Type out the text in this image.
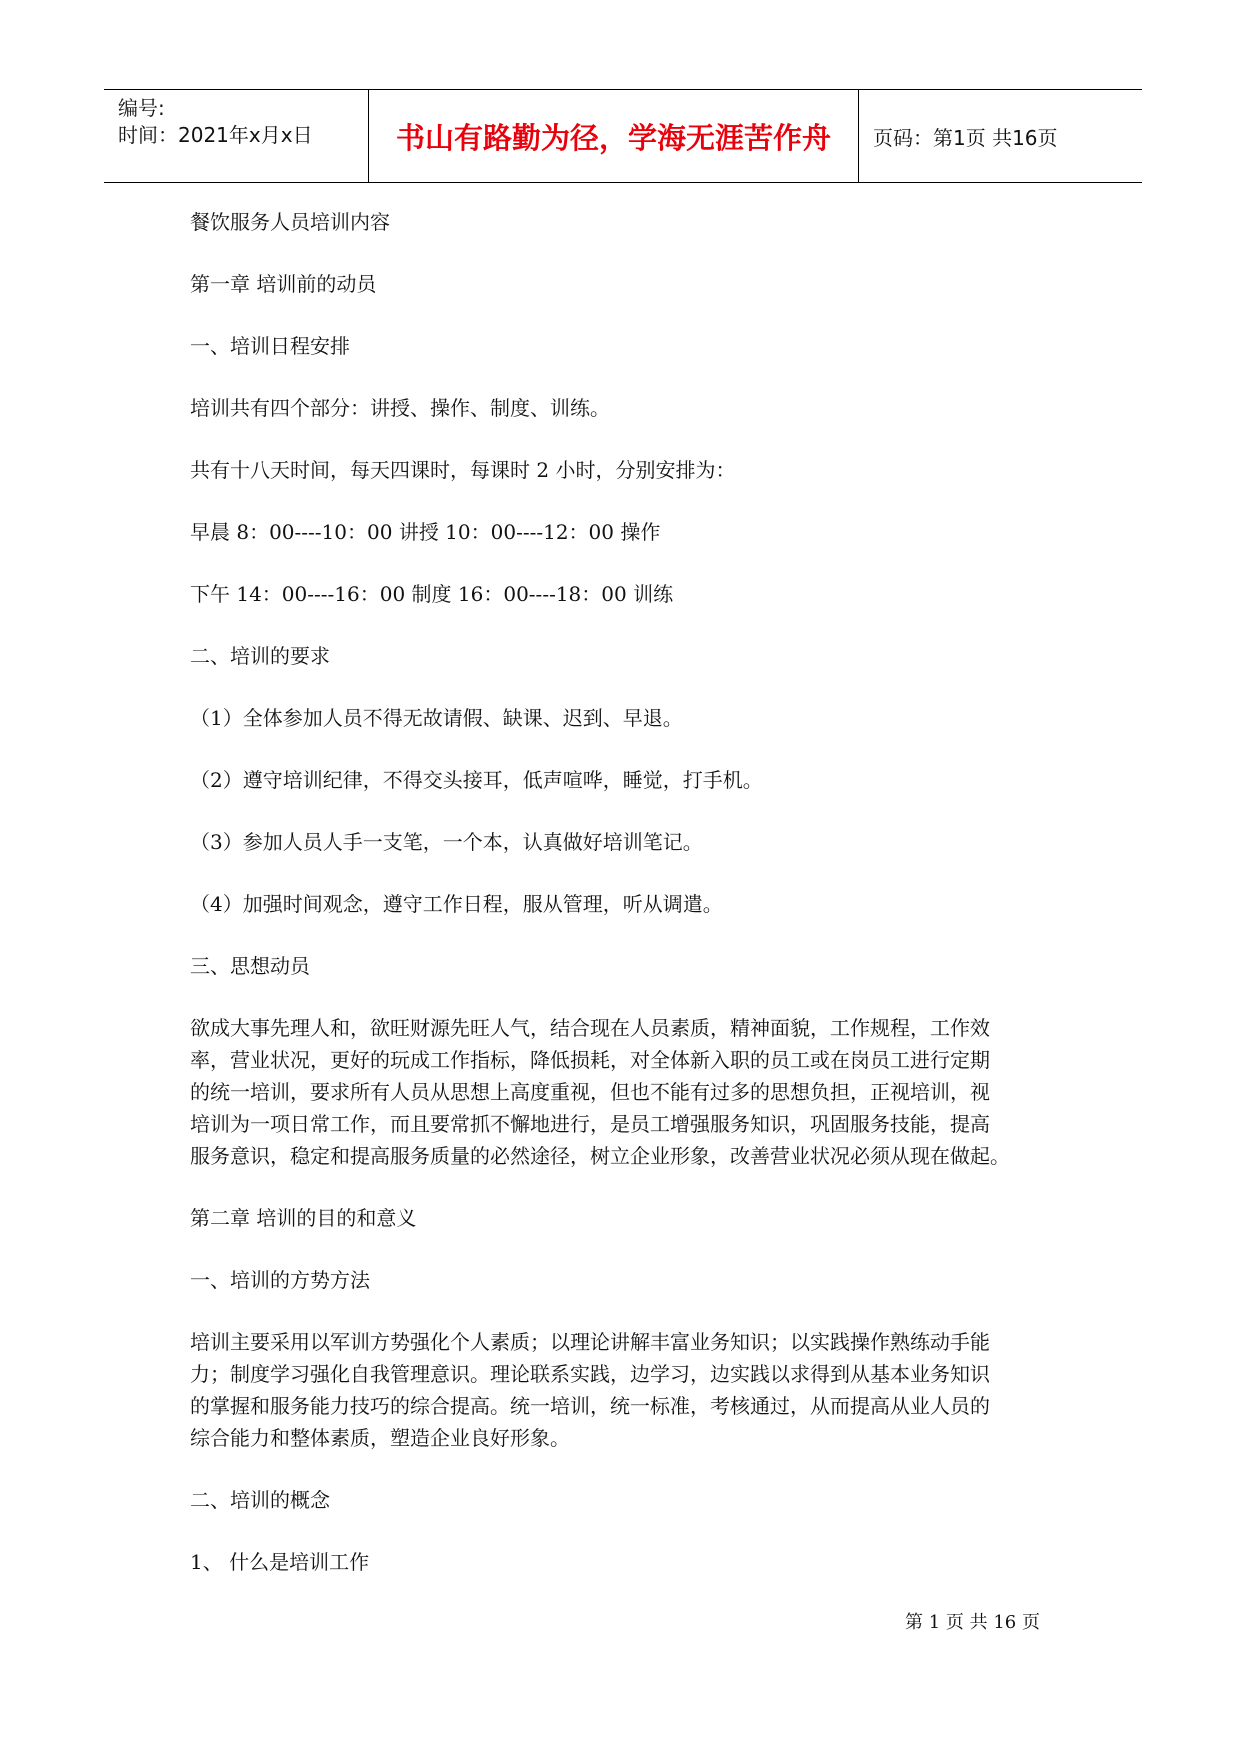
编号:
时间：2021年x月x日	书山有路勤为径，学海无涯苦作舟 页码：第1页 共16页

餐饮服务人员培训内容

第一章 培训前的动员

一、培训日程安排

培训共有四个部分：讲授、操作、制度、训练。

共有十八天时间，每天四课时，每课时 2 小时，分别安排为：

早晨 8：00----10：00 讲授 10：00----12：00 操作

下午 14：00----16：00 制度 16：00----18：00 训练

二、培训的要求

（1）全体参加人员不得无故请假、缺课、迟到、早退。

（2）遵守培训纪律，不得交头接耳，低声喧哗，睡觉，打手机。

（3）参加人员人手一支笔，一个本，认真做好培训笔记。

（4）加强时间观念，遵守工作日程，服从管理，听从调遣。

三、思想动员

欲成大事先理人和，欲旺财源先旺人气，结合现在人员素质，精神面貌，工作规程，工作效
率，营业状况，更好的玩成工作指标，降低损耗，对全体新入职的员工或在岗员工进行定期
的统一培训，要求所有人员从思想上高度重视，但也不能有过多的思想负担，正视培训，视
培训为一项日常工作，而且要常抓不懈地进行，是员工增强服务知识，巩固服务技能，提高
服务意识，稳定和提高服务质量的必然途径，树立企业形象，改善营业状况必须从现在做起。

第二章 培训的目的和意义

一、培训的方势方法

培训主要采用以军训方势强化个人素质；以理论讲解丰富业务知识；以实践操作熟练动手能
力；制度学习强化自我管理意识。理论联系实践，边学习，边实践以求得到从基本业务知识
的掌握和服务能力技巧的综合提高。统一培训，统一标准，考核通过，从而提高从业人员的
综合能力和整体素质，塑造企业良好形象。

二、培训的概念

1、 什么是培训工作

第 1 页 共 16 页
